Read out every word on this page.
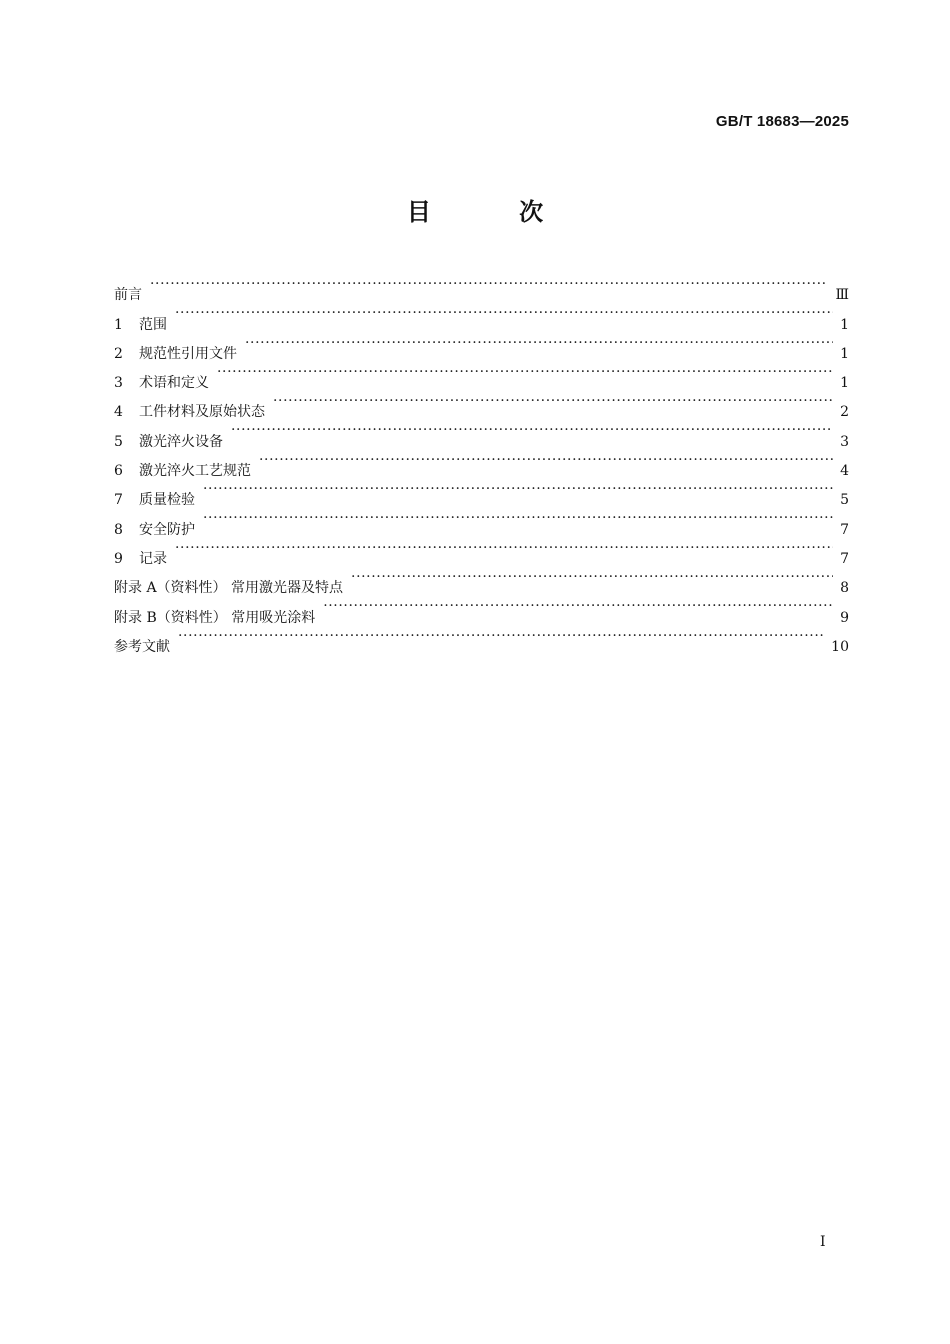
GB/T 18683—2025
目 次
前言 ·····	Ⅲ
1	范围 ·····	1
2	规范性引用文件 ·····	1
3	术语和定义 ·····	1
4	工件材料及原始状态 ·····	2
5	激光淬火设备 ·····	3
6	激光淬火工艺规范 ·····	4
7	质量检验 ·····	5
8	安全防护 ·····	7
9	记录 ·····	7
附录 A（资料性） 常用激光器及特点 ·····	8
附录 B（资料性） 常用吸光涂料 ·····	9
参考文献 ·····	10
I
